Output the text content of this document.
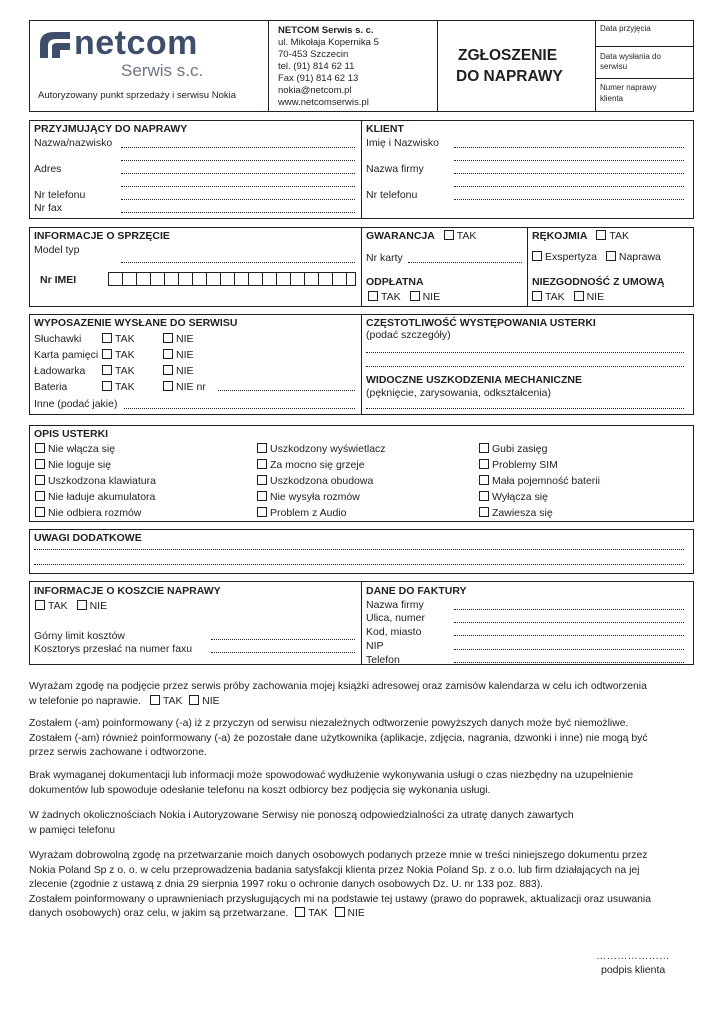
netcom
Serwis s.c.
Autoryzowany punkt sprzedaży i serwisu Nokia
NETCOM Serwis s. c.
ul. Mikołaja Kopernika 5
70-453 Szczecin
tel. (91) 814 62 11
Fax (91) 814 62 13
nokia@netcom.pl
www.netcomserwis.pl
ZGŁOSZENIE
DO NAPRAWY
Data przyjęcia
Data wysłania do
serwisu
Numer naprawy
klienta
PRZYJMUJĄCY DO NAPRAWY
Nazwa/nazwisko
Adres
Nr telefonu
Nr fax
KLIENT
Imię i Nazwisko
Nazwa firmy
Nr telefonu
INFORMACJE O SPRZĘCIE
Model typ
Nr IMEI
GWARANCJA TAK
Nr karty
ODPŁATNA
TAK NIE
RĘKOJMIA TAK
Exspertyza Naprawa
NIEZGODNOŚĆ Z UMOWĄ
TAK NIE
WYPOSAZENIE WYSŁANE DO SERWISU
Słuchawki
Karta pamięci
Ładowarka
Bateria
TAK
TAK
TAK
TAK
NIE
NIE
NIE
NIE nr
Inne (podać jakie)
CZĘSTOTLIWOŚĆ WYSTĘPOWANIA USTERKI
(podać szczegóły)
WIDOCZNE USZKODZENIA MECHANICZNE
(pęknięcie, zarysowania, odkształcenia)
OPIS USTERKI
Nie włącza się
Nie loguje się
Uszkodzona klawiatura
Nie ładuje akumulatora
Nie odbiera rozmów
Uszkodzony wyświetlacz
Za mocno się grzeje
Uszkodzona obudowa
Nie wysyła rozmów
Problem z Audio
Gubi zasięg
Problemy SIM
Mała pojemność baterii
Wyłącza się
Zawiesza się
UWAGI DODATKOWE
INFORMACJE O KOSZCIE NAPRAWY
TAK NIE
Górny limit kosztów
Kosztorys przesłać na numer faxu
DANE DO FAKTURY
Nazwa firmy
Ulica, numer
Kod, miasto
NIP
Telefon
Wyrażam zgodę na podjęcie przez serwis próby zachowania mojej książki adresowej oraz zamisów kalendarza w celu ich odtworzenia
w telefonie po naprawie. TAK NIE
Zostałem (-am) poinformowany (-a) iż z przyczyn od serwisu niezależnych odtworzenie powyższych danych może być niemożliwe.
Zostałem (-am) również poinformowany (-a) że pozostałe dane użytkownika (aplikacje, zdjęcia, nagrania, dzwonki i inne) nie mogą być
przez serwis zachowane i odtworzone.
Brak wymaganej dokumentacji lub informacji może spowodować wydłużenie wykonywania usługi o czas niezbędny na uzupełnienie
dokumentów lub spowoduje odesłanie telefonu na koszt odbiorcy bez podjęcia się wykonania usługi.
W żadnych okolicznościach Nokia i Autoryzowane Serwisy nie ponoszą odpowiedzialności za utratę danych zawartych
w pamięci telefonu
Wyrażam dobrowolną zgodę na przetwarzanie moich danych osobowych podanych przeze mnie w treści niniejszego dokumentu przez
Nokia Poland Sp z o. o. w celu przeprowadzenia badania satysfakcji klienta przez Nokia Poland Sp. z o.o. lub firm działających na jej
zlecenie (zgodnie z ustawą z dnia 29 sierpnia 1997 roku o ochronie danych osobowych Dz. U. nr 133 poz. 883).
Zostałem poinformowany o uprawnieniach przysługujących mi na podstawie tej ustawy (prawo do poprawek, aktualizacji oraz usuwania
danych osobowych) oraz celu, w jakim są przetwarzane. TAK NIE
…………………
podpis klienta
